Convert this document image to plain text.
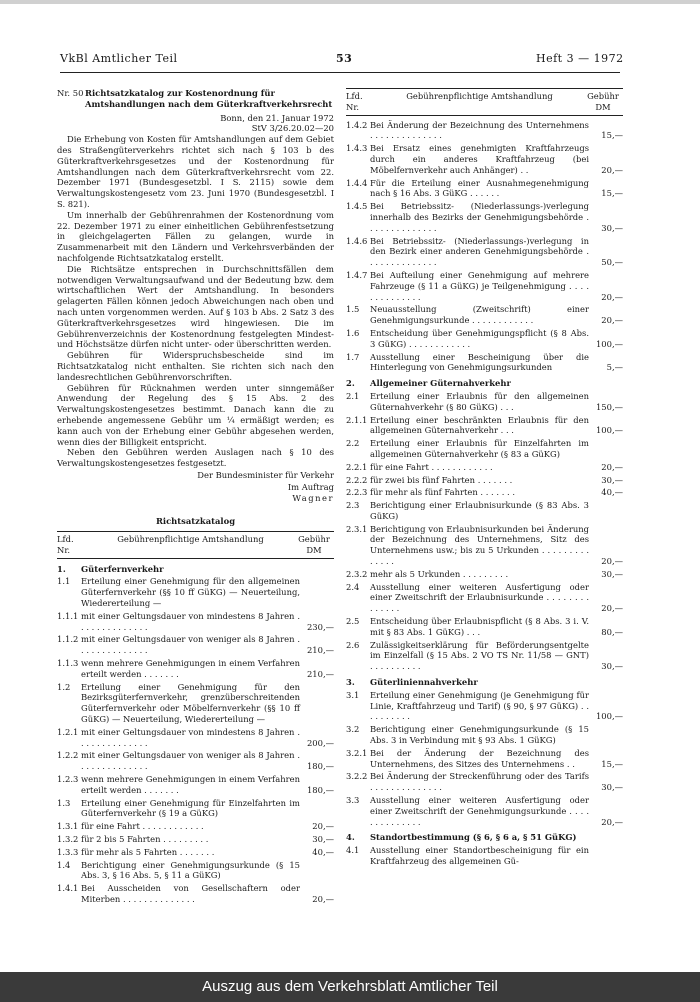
VkBl Amtlicher Teil	53	Heft 3 — 1972
Nr. 50 Richtsatzkatalog zur Kostenordnung für Amtshandlungen nach dem Güterkraftverkehrsrecht
Bonn, den 21. Januar 1972
StV 3/26.20.02—20

Die Erhebung von Kosten für Amtshandlungen auf dem Gebiet des Straßengüterverkehrs richtet sich nach § 103 b des Güterkraftverkehrsgesetzes und der Kostenordnung für Amtshandlungen nach dem Güterkraftverkehrsrecht vom 22. Dezember 1971 (Bundesgesetzbl. I S. 2115) sowie dem Verwaltungskostengesetz vom 23. Juni 1970 (Bundesgesetzbl. I S. 821).

Um innerhalb der Gebührenrahmen der Kostenordnung vom 22. Dezember 1971 zu einer einheitlichen Gebührenfestsetzung in gleichgelagerten Fällen zu gelangen, wurde in Zusammenarbeit mit den Ländern und Verkehrsverbänden der nachfolgende Richtsatzkatalog erstellt.

Die Richtsätze entsprechen in Durchschnittsfällen dem notwendigen Verwaltungsaufwand und der Bedeutung bzw. dem wirtschaftlichen Wert der Amtshandlung. In besonders gelagerten Fällen können jedoch Abweichungen nach oben und nach unten vorgenommen werden. Auf § 103 b Abs. 2 Satz 3 des Güterkraftverkehrsgesetzes wird hingewiesen. Die im Gebührenverzeichnis der Kostenordnung festgelegten Mindest- und Höchstsätze dürfen nicht unter- oder überschritten werden.

Gebühren für Widerspruchsbescheide sind im Richtsatzkatalog nicht enthalten. Sie richten sich nach den landesrechtlichen Gebührenvorschriften.

Gebühren für Rücknahmen werden unter sinngemäßer Anwendung der Regelung des § 15 Abs. 2 des Verwaltungskostengesetzes bestimmt. Danach kann die zu erhebende angemessene Gebühr um ¼ ermäßigt werden; es kann auch von der Erhebung einer Gebühr abgesehen werden, wenn dies der Billigkeit entspricht.

Neben den Gebühren werden Auslagen nach § 10 des Verwaltungskostengesetzes festgesetzt.

Der Bundesminister für Verkehr
Im Auftrag
Wagner
Richtsatzkatalog
Lfd. Nr.
Gebührenpflichtige Amtshandlung	Gebühr DM
1.	Güterfernverkehr
1.1	Erteilung einer Genehmigung für den allgemeinen Güterfernverkehr (§§ 10 ff GüKG) — Neuerteilung, Wiedererteilung —
1.1.1 mit einer Geltungsdauer von mindestens 8 Jahren . . . . . . . . . . . . . .	230,—
1.1.2 mit einer Geltungsdauer von weniger als 8 Jahren . . . . . . . . . . . . . .	210,—
1.1.3 wenn mehrere Genehmigungen in einem Verfahren erteilt werden . . . . . . .	210,—
1.2	Erteilung einer Genehmigung für den Bezirksgüterfernverkehr, grenzüberschreitenden Güterfernverkehr oder Möbelfernverkehr (§§ 10 ff GüKG) — Neuerteilung, Wiedererteilung —
1.2.1 mit einer Geltungsdauer von mindestens 8 Jahren . . . . . . . . . . . . . .	200,—
1.2.2 mit einer Geltungsdauer von weniger als 8 Jahren . . . . . . . . . . . . . .	180,—
1.2.3 wenn mehrere Genehmigungen in einem Verfahren erteilt werden . . . . . . .	180,—
1.3	Erteilung einer Genehmigung für Einzelfahrten im Güterfernverkehr (§ 19 a GüKG)
1.3.1 für eine Fahrt . . . . . . . . . . . .	20,—
1.3.2 für 2 bis 5 Fahrten . . . . . . . . .	30,—
1.3.3 für mehr als 5 Fahrten . . . . . . .	40,—
1.4	Berichtigung einer Genehmigungsurkunde (§ 15 Abs. 3, § 16 Abs. 5, § 11 a GüKG)
1.4.1 Bei Ausscheiden von Gesellschaftern oder Miterben . . . . . . . . . . . . . .	20,—
Lfd. Nr.
Gebührenpflichtige Amtshandlung	Gebühr DM
1.4.2 Bei Änderung der Bezeichnung des Unternehmens . . . . . . . . . . . . . .	15,—
1.4.3 Bei Ersatz eines genehmigten Kraftfahrzeugs durch ein anderes Kraftfahrzeug (bei Möbelfernverkehr auch Anhänger) . .	20,—
1.4.4 Für die Erteilung einer Ausnahmegenehmigung nach § 16 Abs. 3 GüKG . . . . . .	15,—
1.4.5 Bei Betriebssitz- (Niederlassungs-)verlegung innerhalb des Bezirks der Genehmigungsbehörde . . . . . . . . . . . . . .	30,—
1.4.6 Bei Betriebssitz- (Niederlassungs-)verlegung in den Bezirk einer anderen Genehmigungsbehörde . . . . . . . . . . . . . .	50,—
1.4.7 Bei Aufteilung einer Genehmigung auf mehrere Fahrzeuge (§ 11 a GüKG) je Teilgenehmigung . . . . . . . . . . . . . .	20,—
1.5	Neuausstellung (Zweitschrift) einer Genehmigungsurkunde . . . . . . . . . . . .	20,—
1.6	Entscheidung über Genehmigungspflicht (§ 8 Abs. 3 GüKG) . . . . . . . . . . . .	100,—
1.7	Ausstellung einer Bescheinigung über die Hinterlegung von Genehmigungsurkunden	5,—
2.	Allgemeiner Güternahverkehr
2.1	Erteilung einer Erlaubnis für den allgemeinen Güternahverkehr (§ 80 GüKG) . . .	150,—
2.1.1 Erteilung einer beschränkten Erlaubnis für den allgemeinen Güternahverkehr . . .	100,—
2.2	Erteilung einer Erlaubnis für Einzelfahrten im allgemeinen Güternahverkehr (§ 83 a GüKG)
2.2.1 für eine Fahrt . . . . . . . . . . . .	20,—
2.2.2 für zwei bis fünf Fahrten . . . . . . .	30,—
2.2.3 für mehr als fünf Fahrten . . . . . . .	40,—
2.3	Berichtigung einer Erlaubnisurkunde (§ 83 Abs. 3 GüKG)
2.3.1 Berichtigung von Erlaubnisurkunden bei Änderung der Bezeichnung des Unternehmens, Sitz des Unternehmens usw.; bis zu 5 Urkunden . . . . . . . . . . . . . .	20,—
2.3.2 mehr als 5 Urkunden . . . . . . . . .	30,—
2.4	Ausstellung einer weiteren Ausfertigung oder einer Zweitschrift der Erlaubnisurkunde . . . . . . . . . . . . . .	20,—
2.5	Entscheidung über Erlaubnispflicht (§ 8 Abs. 3 i. V. mit § 83 Abs. 1 GüKG) . . .	80,—
2.6	Zulässigkeitserklärung für Beförderungsentgelte im Einzelfall (§ 15 Abs. 2 VO TS Nr. 11/58 — GNT) . . . . . . . . . .	30,—
3.	Güterliniennahverkehr
3.1	Erteilung einer Genehmigung (je Genehmigung für Linie, Kraftfahrzeug und Tarif) (§ 90, § 97 GüKG) . . . . . . . . . .	100,—
3.2	Berichtigung einer Genehmigungsurkunde (§ 15 Abs. 3 in Verbindung mit § 93 Abs. 1 GüKG)
3.2.1 Bei der Änderung der Bezeichnung des Unternehmens, des Sitzes des Unternehmens . .	15,—
3.2.2 Bei Änderung der Streckenführung oder des Tarifs . . . . . . . . . . . . . .	30,—
3.3	Ausstellung einer weiteren Ausfertigung oder einer Zweitschrift der Genehmigungsurkunde . . . . . . . . . . . . . .	20,—
4.	Standortbestimmung (§ 6, § 6 a, § 51 GüKG)
4.1	Ausstellung einer Standortbescheinigung für ein Kraftfahrzeug des allgemeinen Gü-
Auszug aus dem Verkehrsblatt Amtlicher Teil
